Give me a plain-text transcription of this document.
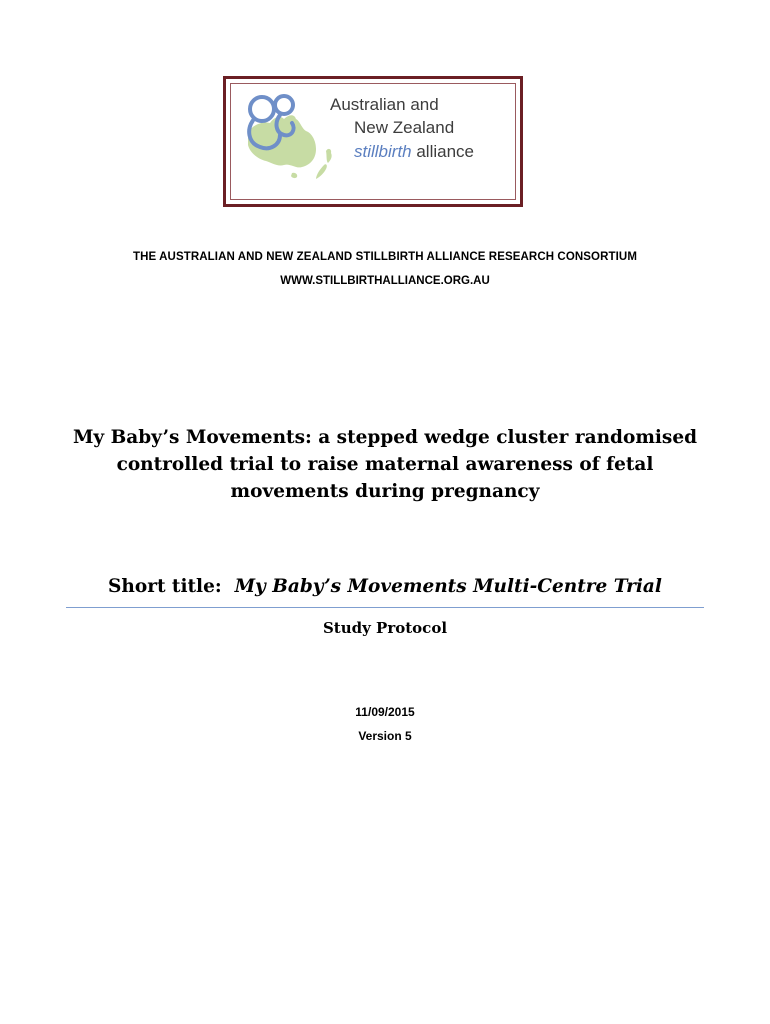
Australian and
New Zealand
stillbirth alliance
THE AUSTRALIAN AND NEW ZEALAND STILLBIRTH ALLIANCE RESEARCH CONSORTIUM
WWW.STILLBIRTHALLIANCE.ORG.AU
My Baby’s Movements: a stepped wedge cluster randomised controlled trial to raise maternal awareness of fetal movements during pregnancy
Short title: My Baby’s Movements Multi-Centre Trial
Study Protocol
11/09/2015
Version 5
